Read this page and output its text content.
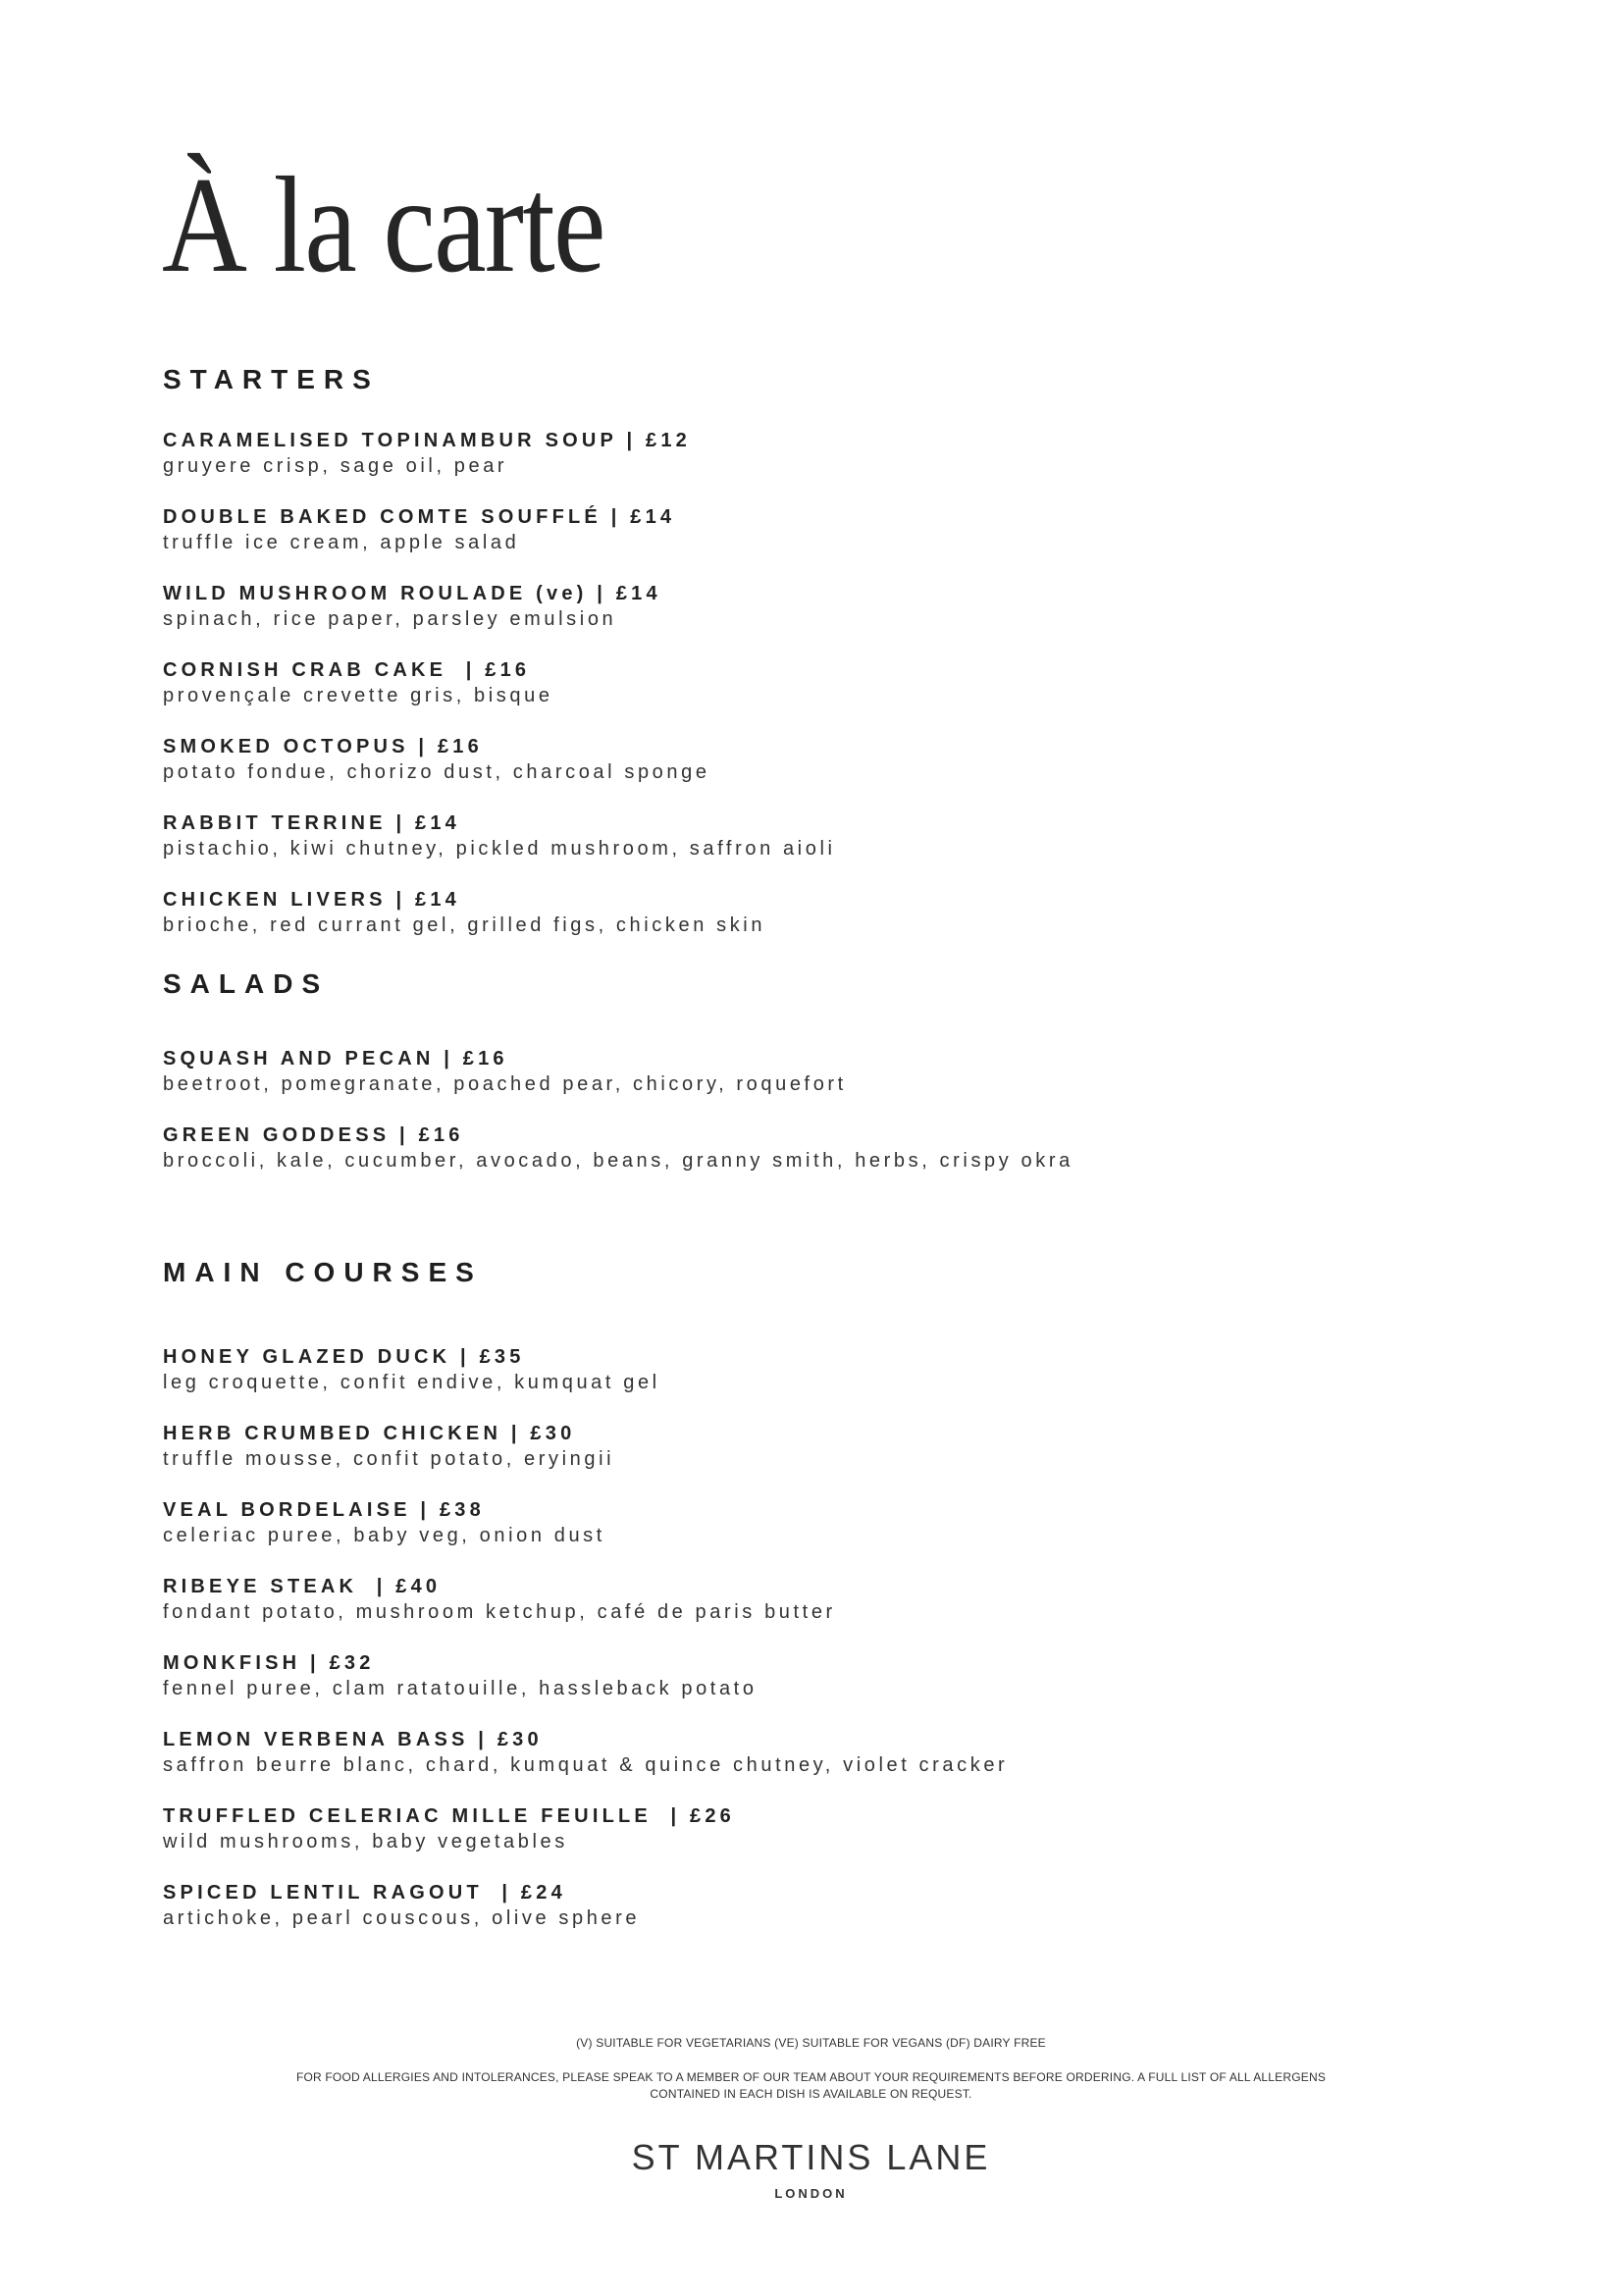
À la carte
STARTERS
CARAMELISED TOPINAMBUR SOUP | £12
gruyere crisp, sage oil, pear
DOUBLE BAKED COMTE SOUFFLÉ | £14
truffle ice cream, apple salad
WILD MUSHROOM ROULADE (ve) | £14
spinach, rice paper, parsley emulsion
CORNISH CRAB CAKE  | £16
provençale crevette gris, bisque
SMOKED OCTOPUS | £16
potato fondue, chorizo dust, charcoal sponge
RABBIT TERRINE | £14
pistachio, kiwi chutney, pickled mushroom, saffron aioli
CHICKEN LIVERS | £14
brioche, red currant gel, grilled figs, chicken skin
SALADS
SQUASH AND PECAN | £16
beetroot, pomegranate, poached pear, chicory, roquefort
GREEN GODDESS | £16
broccoli, kale, cucumber, avocado, beans, granny smith, herbs, crispy okra
MAIN COURSES
HONEY GLAZED DUCK | £35
leg croquette, confit endive, kumquat gel
HERB CRUMBED CHICKEN | £30
truffle mousse, confit potato, eryingii
VEAL BORDELAISE | £38
celeriac puree, baby veg, onion dust
RIBEYE STEAK  | £40
fondant potato, mushroom ketchup, café de paris butter
MONKFISH | £32
fennel puree, clam ratatouille, hassleback potato
LEMON VERBENA BASS | £30
saffron beurre blanc, chard, kumquat & quince chutney, violet cracker
TRUFFLED CELERIAC MILLE FEUILLE  | £26
wild mushrooms, baby vegetables
SPICED LENTIL RAGOUT  | £24
artichoke, pearl couscous, olive sphere
(V) SUITABLE FOR VEGETARIANS (VE) SUITABLE FOR VEGANS (DF) DAIRY FREE
FOR FOOD ALLERGIES AND INTOLERANCES, PLEASE SPEAK TO A MEMBER OF OUR TEAM ABOUT YOUR REQUIREMENTS BEFORE ORDERING. A FULL LIST OF ALL ALLERGENS
CONTAINED IN EACH DISH IS AVAILABLE ON REQUEST.
ST MARTINS LANE
LONDON
